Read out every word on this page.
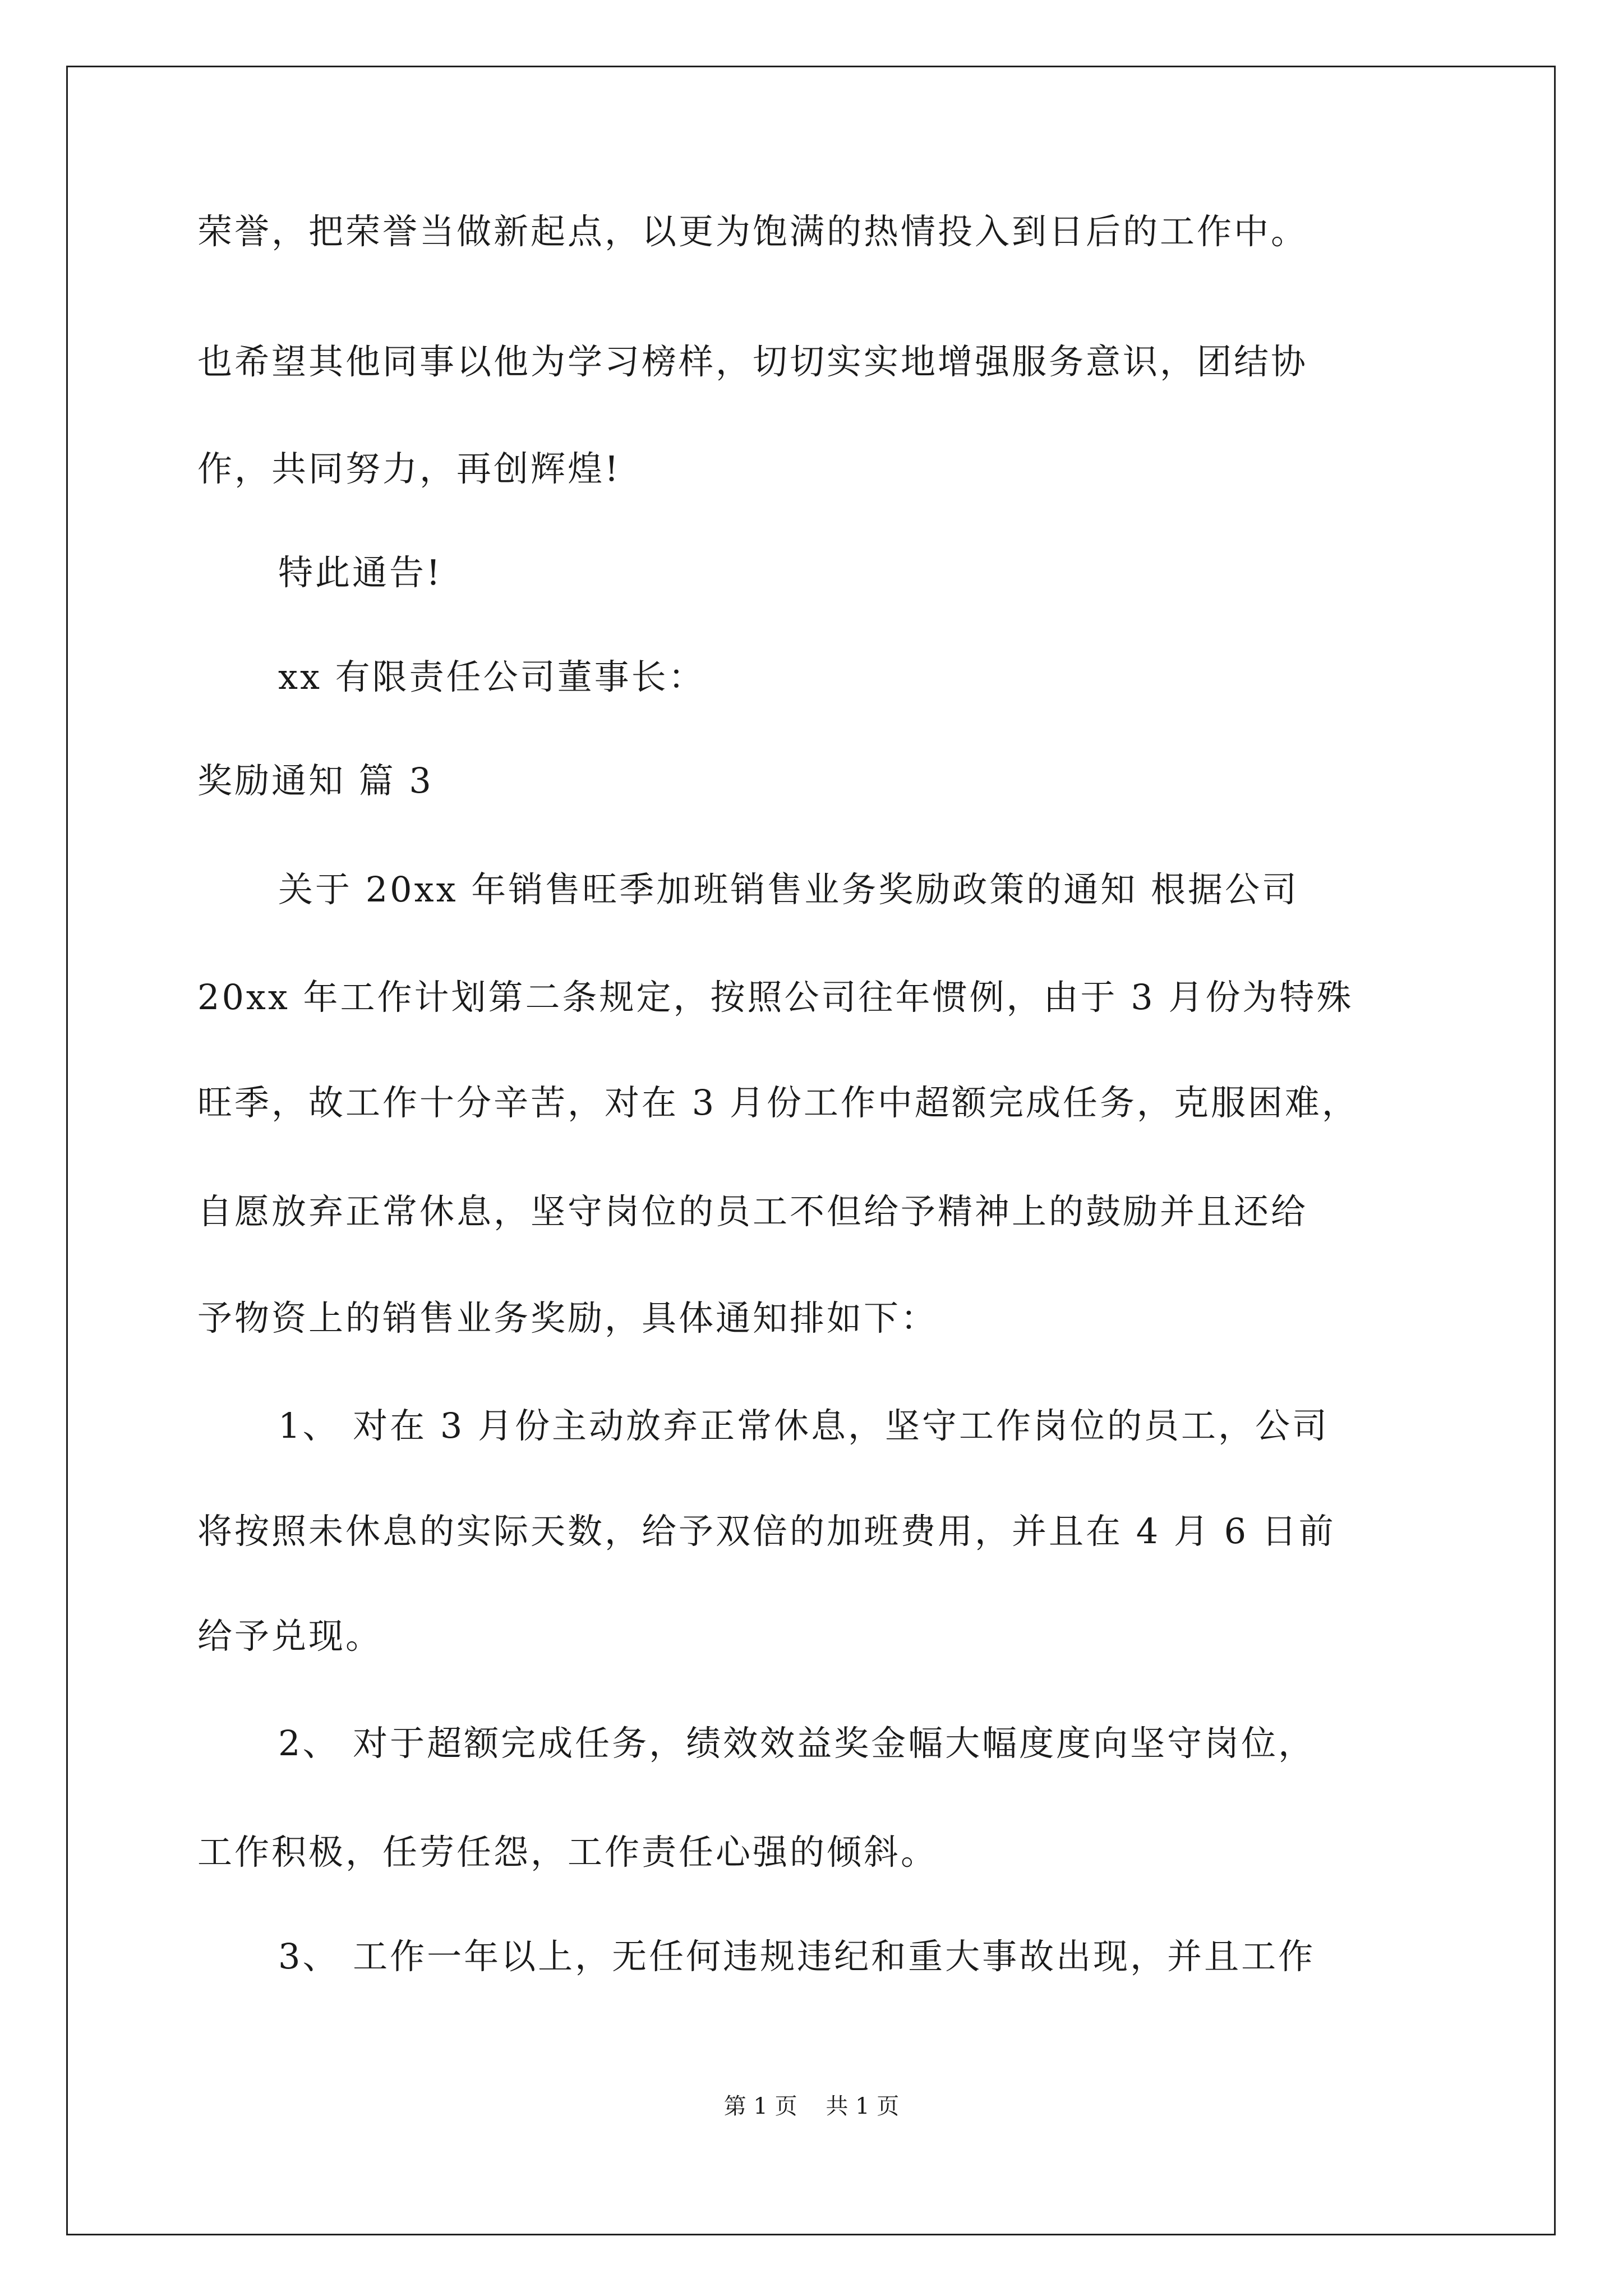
荣誉，把荣誉当做新起点，以更为饱满的热情投入到日后的工作中。
也希望其他同事以他为学习榜样，切切实实地增强服务意识，团结协
作，共同努力，再创辉煌!
特此通告!
xx 有限责任公司董事长：
奖励通知 篇 3
关于 20xx 年销售旺季加班销售业务奖励政策的通知 根据公司
20xx 年工作计划第二条规定，按照公司往年惯例，由于 3 月份为特殊
旺季，故工作十分辛苦，对在 3 月份工作中超额完成任务，克服困难，
自愿放弃正常休息，坚守岗位的员工不但给予精神上的鼓励并且还给
予物资上的销售业务奖励，具体通知排如下：
1、 对在 3 月份主动放弃正常休息，坚守工作岗位的员工，公司
将按照未休息的实际天数，给予双倍的加班费用，并且在 4 月 6 日前
给予兑现。
2、 对于超额完成任务，绩效效益奖金幅大幅度度向坚守岗位，
工作积极，任劳任怨，工作责任心强的倾斜。
3、 工作一年以上，无任何违规违纪和重大事故出现，并且工作
第 1 页    共 1 页
